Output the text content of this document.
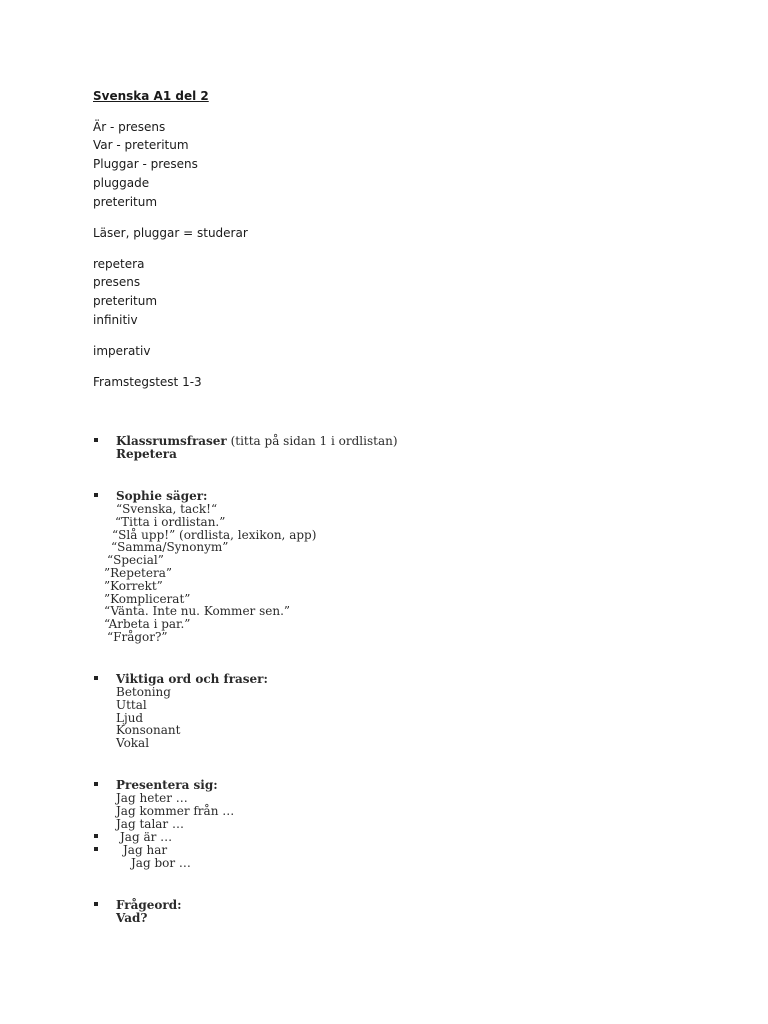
Svenska A1 del 2
Är - presens
Var - preteritum
Pluggar - presens
pluggade
preteritum
Läser, pluggar = studerar
repetera
presens
preteritum
infinitiv
imperativ
Framstegstest 1-3
Klassrumsfraser (titta på sidan 1 i ordlistan)
Repetera
Sophie säger:
“Svenska, tack!“
“Titta i ordlistan.”
“Slå upp!” (ordlista, lexikon, app)
“Samma/Synonym”
“Special”
”Repetera”
”Korrekt”
”Komplicerat”
“Vänta. Inte nu. Kommer sen.”
“Arbeta i par.”
“Frågor?”
Viktiga ord och fraser:
Betoning
Uttal
Ljud
Konsonant
Vokal
Presentera sig:
Jag heter …
Jag kommer från …
Jag talar …
Jag är …
Jag har
Jag bor …
Frågeord:
Vad?
